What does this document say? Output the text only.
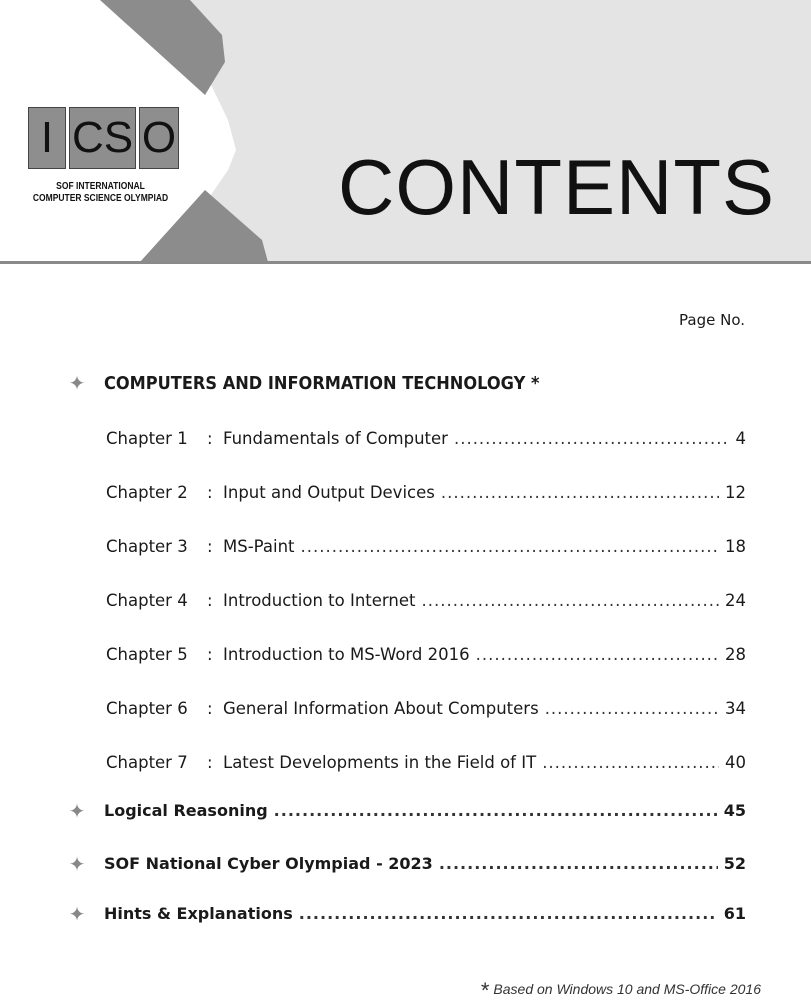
I CS O
SOF INTERNATIONAL
COMPUTER SCIENCE OLYMPIAD CONTENTS
Page No.
✦ COMPUTERS AND INFORMATION TECHNOLOGY *
Chapter 1	: Fundamentals of Computer .....	4
Chapter 2	: Input and Output Devices .....	12
Chapter 3	: MS-Paint .....	18
Chapter 4	: Introduction to Internet .....	24
Chapter 5	: Introduction to MS-Word 2016 .....	28
Chapter 6	: General Information About Computers .....	34
Chapter 7	: Latest Developments in the Field of IT .....	40
✦ Logical Reasoning .....	45
✦ SOF National Cyber Olympiad - 2023 .....	52
✦ Hints & Explanations .....	61
* Based on Windows 10 and MS-Office 2016
